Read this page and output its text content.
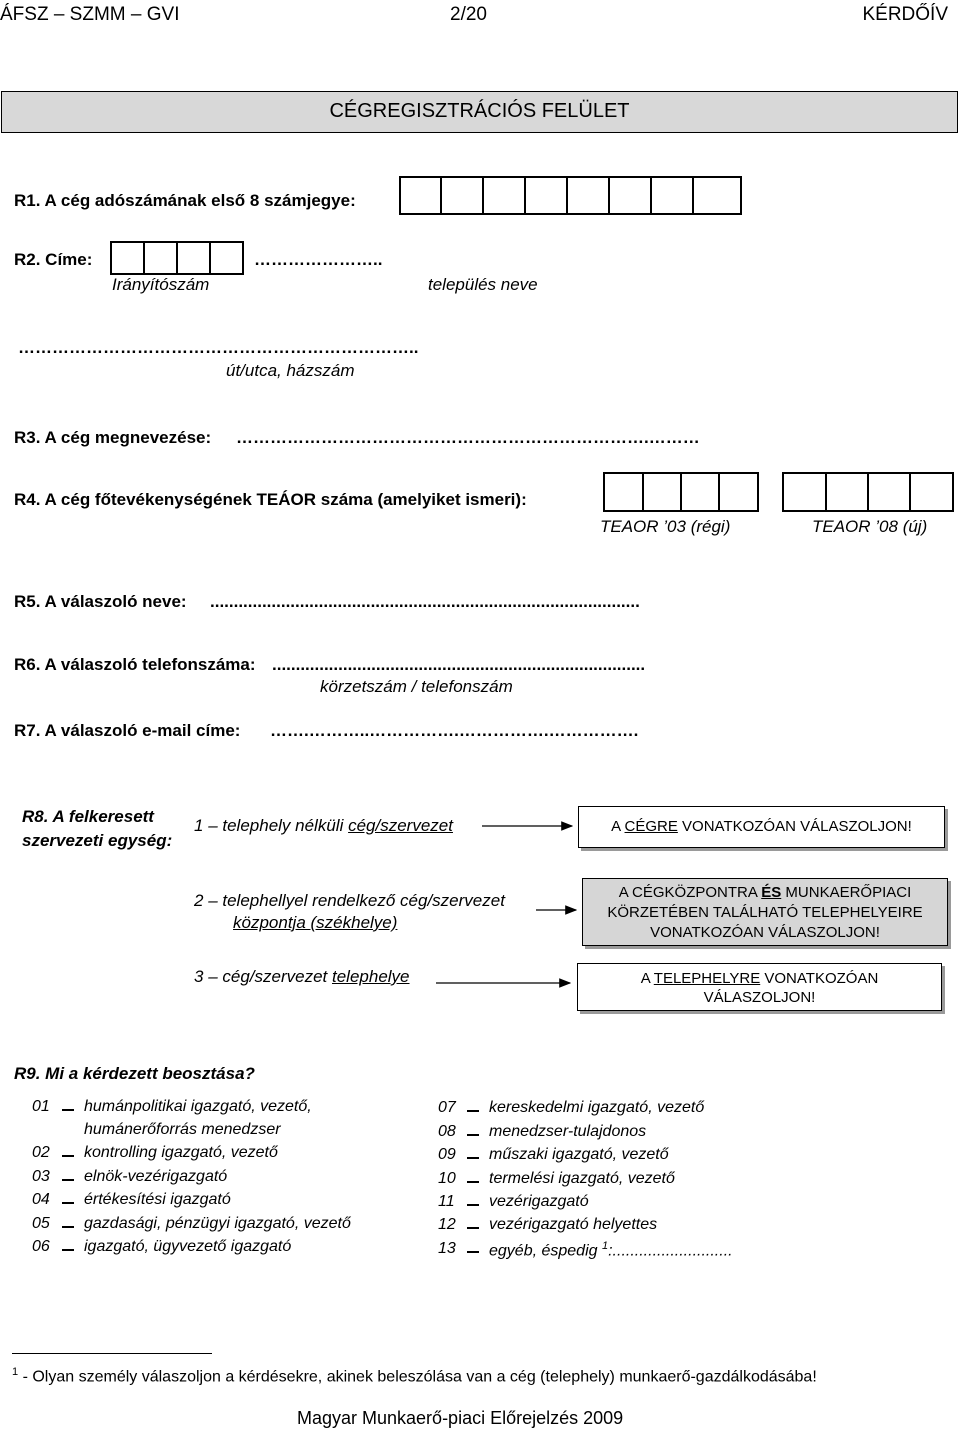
ÁFSZ – SZMM – GVI	2/20	KÉRDŐÍV
CÉGREGISZTRÁCIÓS FELÜLET
R1. A cég adószámának első 8 számjegye:
R2. Címe:	…………………..
Irányítószám	település neve
……………………………………………………………..
út/utca, házszám
R3. A cég megnevezése: ……………………………………………………………….………
R4. A cég főtevékenységének TEÁOR száma (amelyiket ismeri):
TEAOR ’03 (régi)	TEAOR ’08 (új)
R5. A válaszoló neve: ...........................................................................................
R6. A válaszoló telefonszáma: ...............................................................................
körzetszám / telefonszám
R7. A válaszoló e-mail címe: …….………..…………….…………….…………….
R8. A felkeresett
szervezeti egység:
1 – telephely nélküli cég/szervezet	A CÉGRE VONATKOZÓAN VÁLASZOLJON!
2 – telephellyel rendelkező cég/szervezet
központja (székhelye)
A CÉGKÖZPONTRA ÉS MUNKAERŐPIACI
KÖRZETÉBEN TALÁLHATÓ TELEPHELYEIRE
VONATKOZÓAN VÁLASZOLJON!
3 – cég/szervezet telephelye	A TELEPHELYRE VONATKOZÓAN
VÁLASZOLJON!
R9. Mi a kérdezett beosztása?
01 humánpolitikai igazgató, vezető,
humánerőforrás menedzser
02 kontrolling igazgató, vezető
03 elnök-vezérigazgató
04 értékesítési igazgató
05 gazdasági, pénzügyi igazgató, vezető
06 igazgató, ügyvezető igazgató
07 kereskedelmi igazgató, vezető
08 menedzser-tulajdonos
09 műszaki igazgató, vezető
10 termelési igazgató, vezető
11 vezérigazgató
12 vezérigazgató helyettes
13 egyéb, éspedig $^1$:...........................
$^1$ - Olyan személy válaszoljon a kérdésekre, akinek beleszólása van a cég (telephely) munkaerő-gazdálkodásába!
Magyar Munkaerő-piaci Előrejelzés 2009
